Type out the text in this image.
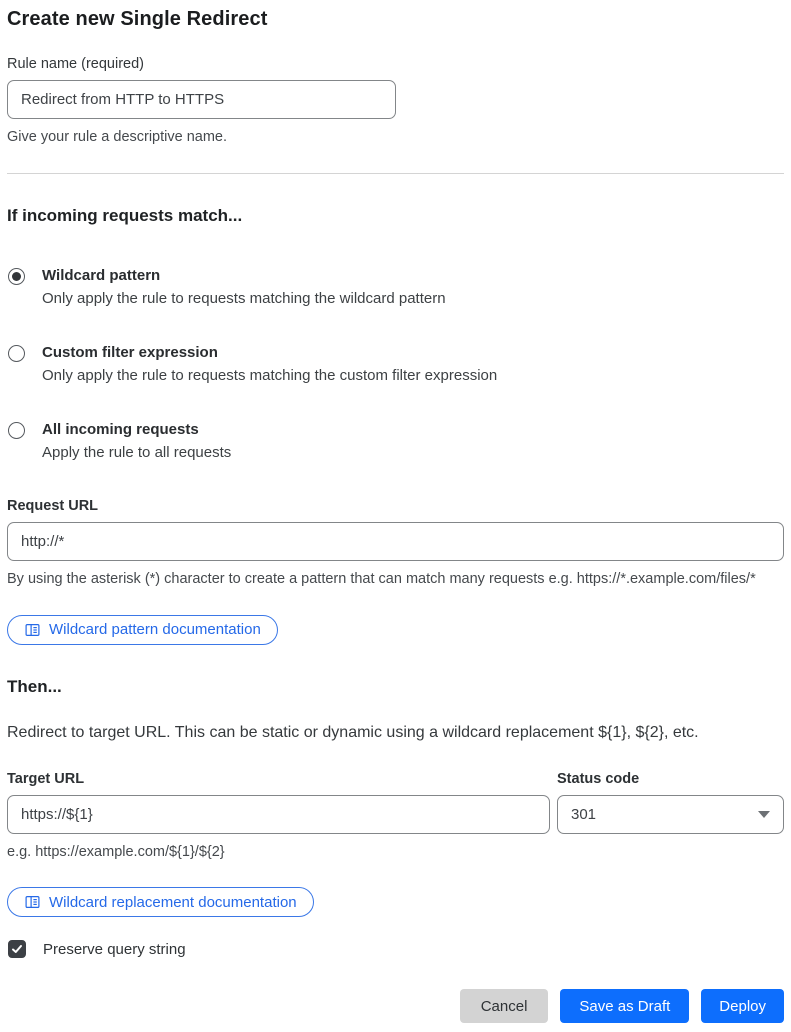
Create new Single Redirect
Rule name (required)
Redirect from HTTP to HTTPS
Give your rule a descriptive name.
If incoming requests match...
Wildcard pattern
Only apply the rule to requests matching the wildcard pattern
Custom filter expression
Only apply the rule to requests matching the custom filter expression
All incoming requests
Apply the rule to all requests
Request URL
http://*
By using the asterisk (*) character to create a pattern that can match many requests e.g. https://*.example.com/files/*
Wildcard pattern documentation
Then...
Redirect to target URL. This can be static or dynamic using a wildcard replacement ${1}, ${2}, etc.
Target URL
https://${1}
e.g. https://example.com/${1}/${2}
Status code
301
Wildcard replacement documentation
Preserve query string
Cancel	Save as Draft	Deploy
